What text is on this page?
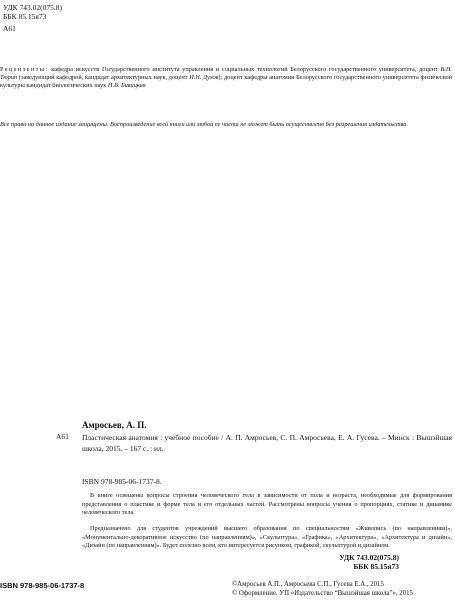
УДК 743.02(075.8)
ББК 85.15я73
А61
Рецензенты: кафедра искусств Государственного института управления и социальных технологий Белорусского государственного университета, доцент В.П. Тюрин (заведующий кафедрой, кандидат архитектурных наук, доцент И.Н. Духов); доцент кафедры анатомии Белорусского государственного университета физической культуры кандидат биологических наук Н.В. Бивицкая
Все права на данное издание защищены. Воспроизведение всей книги или любой ее части не может быть осуществлено без разрешения издательства.
Амросьев, А. П.
А61 Пластическая анатомия : учебное пособие / А. П. Амросьев, С. П. Амросьева, Е. А. Гусева. – Минск : Вышэйшая школа, 2015. – 167 с. : ил.
ISBN 978-985-06-1737-8.
В книге освещены вопросы строения человеческого тела в зависимости от пола и возраста, необходимые для формирования представления о пластике и форме тела и его отдельных частей. Рассмотрены вопросы учения о пропорциях, статике и динамике человеческого тела.
Предназначено для студентов учреждений высшего образования по специальностям «Живопись (по направлениям)», «Монументально-декоративное искусство (по направлениям)», «Скульптура», «Графика», «Архитектура», «Архитектура и дизайн», «Дизайн (по направлениям)». Будет полезно всем, кто интересуется рисунком, графикой, скульптурой и дизайном.
УДК 743.02(075.8)
ББК 85.15я73
ISBN 978-985-06-1737-8	©Амросьев А.П., Амросьева С.П., Гусева Е.А., 2015
© Оформление. УП «Издательство “Вышэйшая школа”», 2015
